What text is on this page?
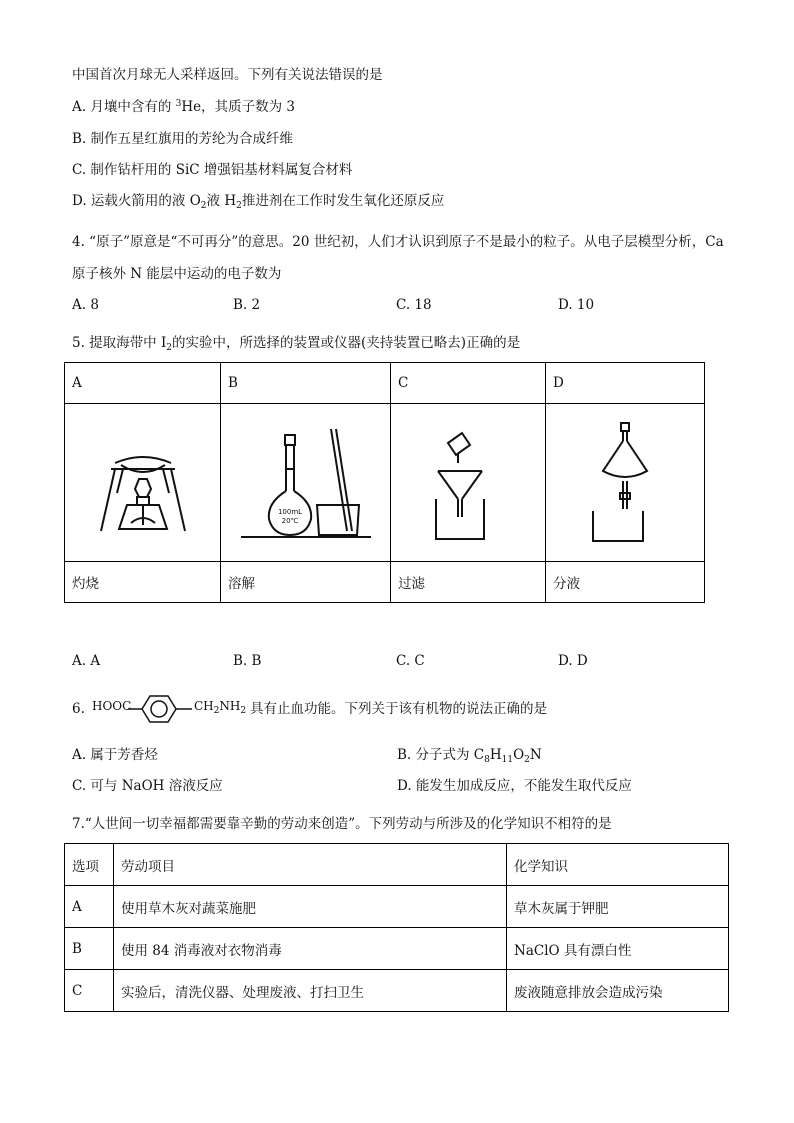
中国首次月球无人采样返回。下列有关说法错误的是
A. 月壤中含有的 $^3$He，其质子数为 3
B. 制作五星红旗用的芳纶为合成纤维
C. 制作钻杆用的 SiC 增强铝基材料属复合材料
D. 运载火箭用的液 $O_2$液 $H_2$推进剂在工作时发生氧化还原反应
4. “原子”原意是“不可再分”的意思。20 世纪初，人们才认识到原子不是最小的粒子。从电子层模型分析，Ca
原子核外 N 能层中运动的电子数为
A. 8	B. 2	C. 18	D. 10
5. 提取海带中 $I_2$的实验中，所选择的装置或仪器(夹持装置已略去)正确的是
A	B	C	D

100mL
20℃

灼烧	溶解	过滤	分液
A. A	B. B	C. C	D. D
6. HOOC	$CH_2NH_2$ 具有止血功能。下列关于该有机物的说法正确的是
A. 属于芳香烃	B. 分子式为 $C_8H_{11}O_2N$
C. 可与 NaOH 溶液反应	D. 能发生加成反应，不能发生取代反应
7.“人世间一切幸福都需要靠辛勤的劳动来创造”。下列劳动与所涉及的化学知识不相符的是
选项	劳动项目	化学知识
A	使用草木灰对蔬菜施肥	草木灰属于钾肥
B	使用 84 消毒液对衣物消毒	NaClO 具有漂白性
C	实验后，清洗仪器、处理废液、打扫卫生	废液随意排放会造成污染
